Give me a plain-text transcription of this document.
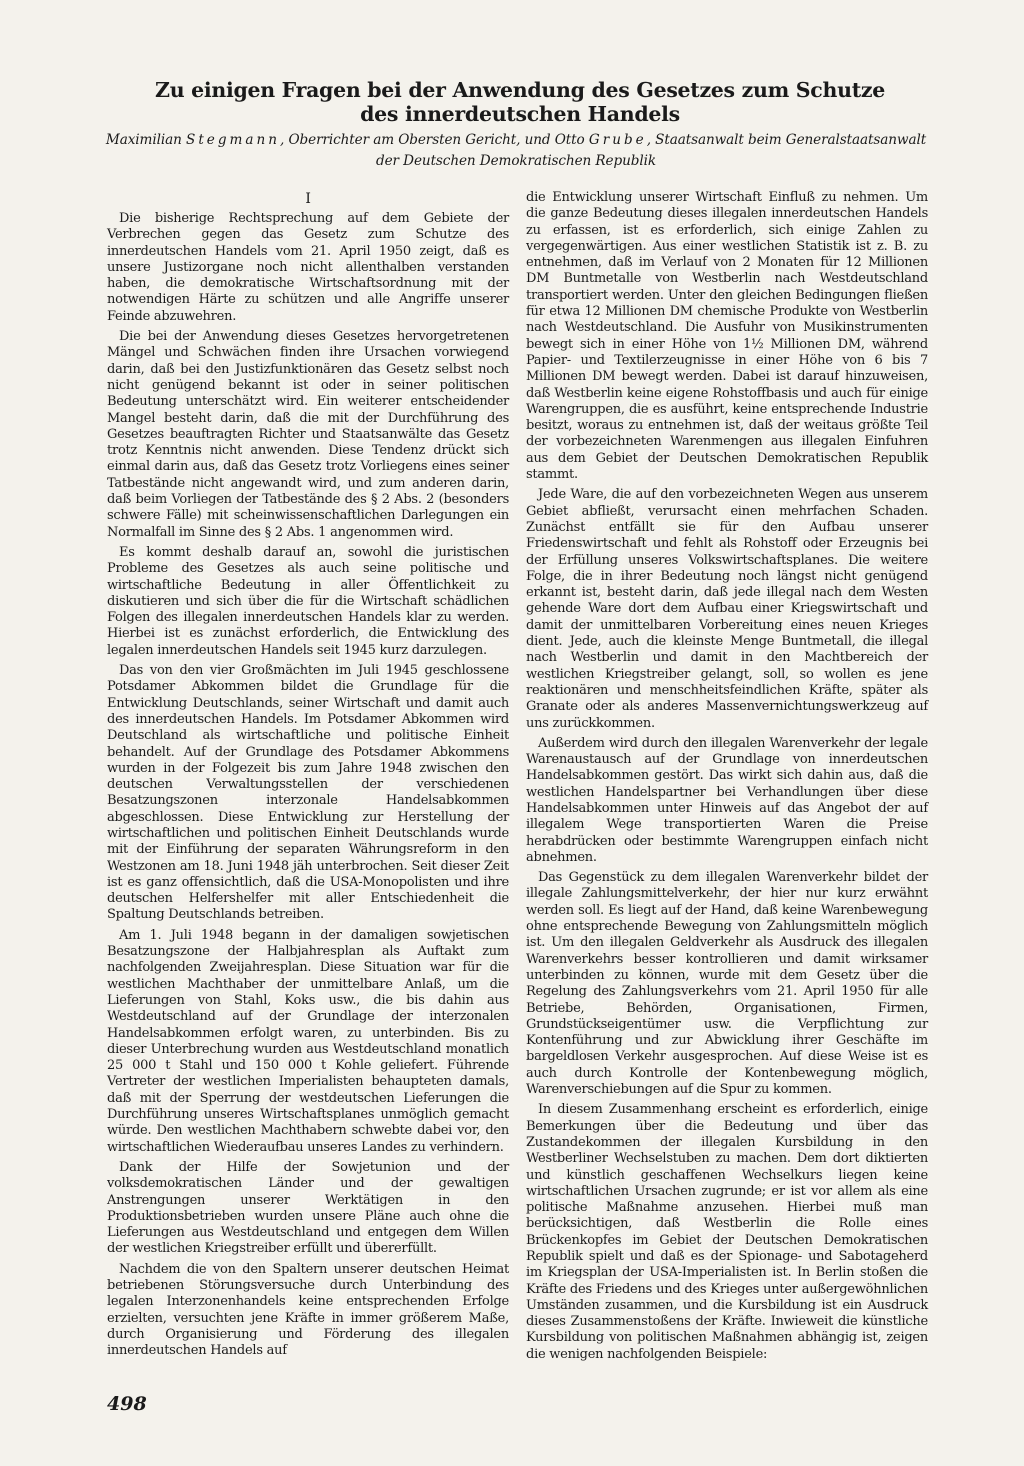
Zu einigen Fragen bei der Anwendung des Gesetzes zum Schutze
des innerdeutschen Handels
Maximilian Stegmann, Oberrichter am Obersten Gericht, und Otto Grube, Staatsanwalt beim Generalstaatsanwalt der Deutschen Demokratischen Republik
I

Die bisherige Rechtsprechung auf dem Gebiete der Verbrechen gegen das Gesetz zum Schutze des innerdeutschen Handels vom 21. April 1950 zeigt, daß es unsere Justizorgane noch nicht allenthalben verstanden haben, die demokratische Wirtschaftsordnung mit der notwendigen Härte zu schützen und alle Angriffe unserer Feinde abzuwehren.

Die bei der Anwendung dieses Gesetzes hervorgetretenen Mängel und Schwächen finden ihre Ursachen vorwiegend darin, daß bei den Justizfunktionären das Gesetz selbst noch nicht genügend bekannt ist oder in seiner politischen Bedeutung unterschätzt wird. Ein weiterer entscheidender Mangel besteht darin, daß die mit der Durchführung des Gesetzes beauftragten Richter und Staatsanwälte das Gesetz trotz Kenntnis nicht anwenden. Diese Tendenz drückt sich einmal darin aus, daß das Gesetz trotz Vorliegens eines seiner Tatbestände nicht angewandt wird, und zum anderen darin, daß beim Vorliegen der Tatbestände des § 2 Abs. 2 (besonders schwere Fälle) mit scheinwissenschaftlichen Darlegungen ein Normalfall im Sinne des § 2 Abs. 1 angenommen wird.

Es kommt deshalb darauf an, sowohl die juristischen Probleme des Gesetzes als auch seine politische und wirtschaftliche Bedeutung in aller Öffentlichkeit zu diskutieren und sich über die für die Wirtschaft schädlichen Folgen des illegalen innerdeutschen Handels klar zu werden. Hierbei ist es zunächst erforderlich, die Entwicklung des legalen innerdeutschen Handels seit 1945 kurz darzulegen.

Das von den vier Großmächten im Juli 1945 geschlossene Potsdamer Abkommen bildet die Grundlage für die Entwicklung Deutschlands, seiner Wirtschaft und damit auch des innerdeutschen Handels. Im Potsdamer Abkommen wird Deutschland als wirtschaftliche und politische Einheit behandelt. Auf der Grundlage des Potsdamer Abkommens wurden in der Folgezeit bis zum Jahre 1948 zwischen den deutschen Verwaltungsstellen der verschiedenen Besatzungszonen interzonale Handelsabkommen abgeschlossen. Diese Entwicklung zur Herstellung der wirtschaftlichen und politischen Einheit Deutschlands wurde mit der Einführung der separaten Währungsreform in den Westzonen am 18. Juni 1948 jäh unterbrochen. Seit dieser Zeit ist es ganz offensichtlich, daß die USA-Monopolisten und ihre deutschen Helfershelfer mit aller Entschiedenheit die Spaltung Deutschlands betreiben.

Am 1. Juli 1948 begann in der damaligen sowjetischen Besatzungszone der Halbjahresplan als Auftakt zum nachfolgenden Zweijahresplan. Diese Situation war für die westlichen Machthaber der unmittelbare Anlaß, um die Lieferungen von Stahl, Koks usw., die bis dahin aus Westdeutschland auf der Grundlage der interzonalen Handelsabkommen erfolgt waren, zu unterbinden. Bis zu dieser Unterbrechung wurden aus Westdeutschland monatlich 25 000 t Stahl und 150 000 t Kohle geliefert. Führende Vertreter der westlichen Imperialisten behaupteten damals, daß mit der Sperrung der westdeutschen Lieferungen die Durchführung unseres Wirtschaftsplanes unmöglich gemacht würde. Den westlichen Machthabern schwebte dabei vor, den wirtschaftlichen Wiederaufbau unseres Landes zu verhindern.

Dank der Hilfe der Sowjetunion und der volksdemokratischen Länder und der gewaltigen Anstrengungen unserer Werktätigen in den Produktionsbetrieben wurden unsere Pläne auch ohne die Lieferungen aus Westdeutschland und entgegen dem Willen der westlichen Kriegstreiber erfüllt und übererfüllt.

Nachdem die von den Spaltern unserer deutschen Heimat betriebenen Störungsversuche durch Unterbindung des legalen Interzonenhandels keine entsprechenden Erfolge erzielten, versuchten jene Kräfte in immer größerem Maße, durch Organisierung und Förderung des illegalen innerdeutschen Handels auf

die Entwicklung unserer Wirtschaft Einfluß zu nehmen. Um die ganze Bedeutung dieses illegalen innerdeutschen Handels zu erfassen, ist es erforderlich, sich einige Zahlen zu vergegenwärtigen. Aus einer westlichen Statistik ist z. B. zu entnehmen, daß im Verlauf von 2 Monaten für 12 Millionen DM Buntmetalle von Westberlin nach Westdeutschland transportiert werden. Unter den gleichen Bedingungen fließen für etwa 12 Millionen DM chemische Produkte von Westberlin nach Westdeutschland. Die Ausfuhr von Musikinstrumenten bewegt sich in einer Höhe von 1½ Millionen DM, während Papier- und Textilerzeugnisse in einer Höhe von 6 bis 7 Millionen DM bewegt werden. Dabei ist darauf hinzuweisen, daß Westberlin keine eigene Rohstoffbasis und auch für einige Warengruppen, die es ausführt, keine entsprechende Industrie besitzt, woraus zu entnehmen ist, daß der weitaus größte Teil der vorbezeichneten Warenmengen aus illegalen Einfuhren aus dem Gebiet der Deutschen Demokratischen Republik stammt.

Jede Ware, die auf den vorbezeichneten Wegen aus unserem Gebiet abfließt, verursacht einen mehrfachen Schaden. Zunächst entfällt sie für den Aufbau unserer Friedenswirtschaft und fehlt als Rohstoff oder Erzeugnis bei der Erfüllung unseres Volkswirtschaftsplanes. Die weitere Folge, die in ihrer Bedeutung noch längst nicht genügend erkannt ist, besteht darin, daß jede illegal nach dem Westen gehende Ware dort dem Aufbau einer Kriegswirtschaft und damit der unmittelbaren Vorbereitung eines neuen Krieges dient. Jede, auch die kleinste Menge Buntmetall, die illegal nach Westberlin und damit in den Machtbereich der westlichen Kriegstreiber gelangt, soll, so wollen es jene reaktionären und menschheitsfeindlichen Kräfte, später als Granate oder als anderes Massenvernichtungswerkzeug auf uns zurückkommen.

Außerdem wird durch den illegalen Warenverkehr der legale Warenaustausch auf der Grundlage von innerdeutschen Handelsabkommen gestört. Das wirkt sich dahin aus, daß die westlichen Handelspartner bei Verhandlungen über diese Handelsabkommen unter Hinweis auf das Angebot der auf illegalem Wege transportierten Waren die Preise herabdrücken oder bestimmte Warengruppen einfach nicht abnehmen.

Das Gegenstück zu dem illegalen Warenverkehr bildet der illegale Zahlungsmittelverkehr, der hier nur kurz erwähnt werden soll. Es liegt auf der Hand, daß keine Warenbewegung ohne entsprechende Bewegung von Zahlungsmitteln möglich ist. Um den illegalen Geldverkehr als Ausdruck des illegalen Warenverkehrs besser kontrollieren und damit wirksamer unterbinden zu können, wurde mit dem Gesetz über die Regelung des Zahlungsverkehrs vom 21. April 1950 für alle Betriebe, Behörden, Organisationen, Firmen, Grundstückseigentümer usw. die Verpflichtung zur Kontenführung und zur Abwicklung ihrer Geschäfte im bargeldlosen Verkehr ausgesprochen. Auf diese Weise ist es auch durch Kontrolle der Kontenbewegung möglich, Warenverschiebungen auf die Spur zu kommen.

In diesem Zusammenhang erscheint es erforderlich, einige Bemerkungen über die Bedeutung und über das Zustandekommen der illegalen Kursbildung in den Westberliner Wechselstuben zu machen. Dem dort diktierten und künstlich geschaffenen Wechselkurs liegen keine wirtschaftlichen Ursachen zugrunde; er ist vor allem als eine politische Maßnahme anzusehen. Hierbei muß man berücksichtigen, daß Westberlin die Rolle eines Brückenkopfes im Gebiet der Deutschen Demokratischen Republik spielt und daß es der Spionage- und Sabotageherd im Kriegsplan der USA-Imperialisten ist. In Berlin stoßen die Kräfte des Friedens und des Krieges unter außergewöhnlichen Umständen zusammen, und die Kursbildung ist ein Ausdruck dieses Zusammenstoßens der Kräfte. Inwieweit die künstliche Kursbildung von politischen Maßnahmen abhängig ist, zeigen die wenigen nachfolgenden Beispiele:

498
